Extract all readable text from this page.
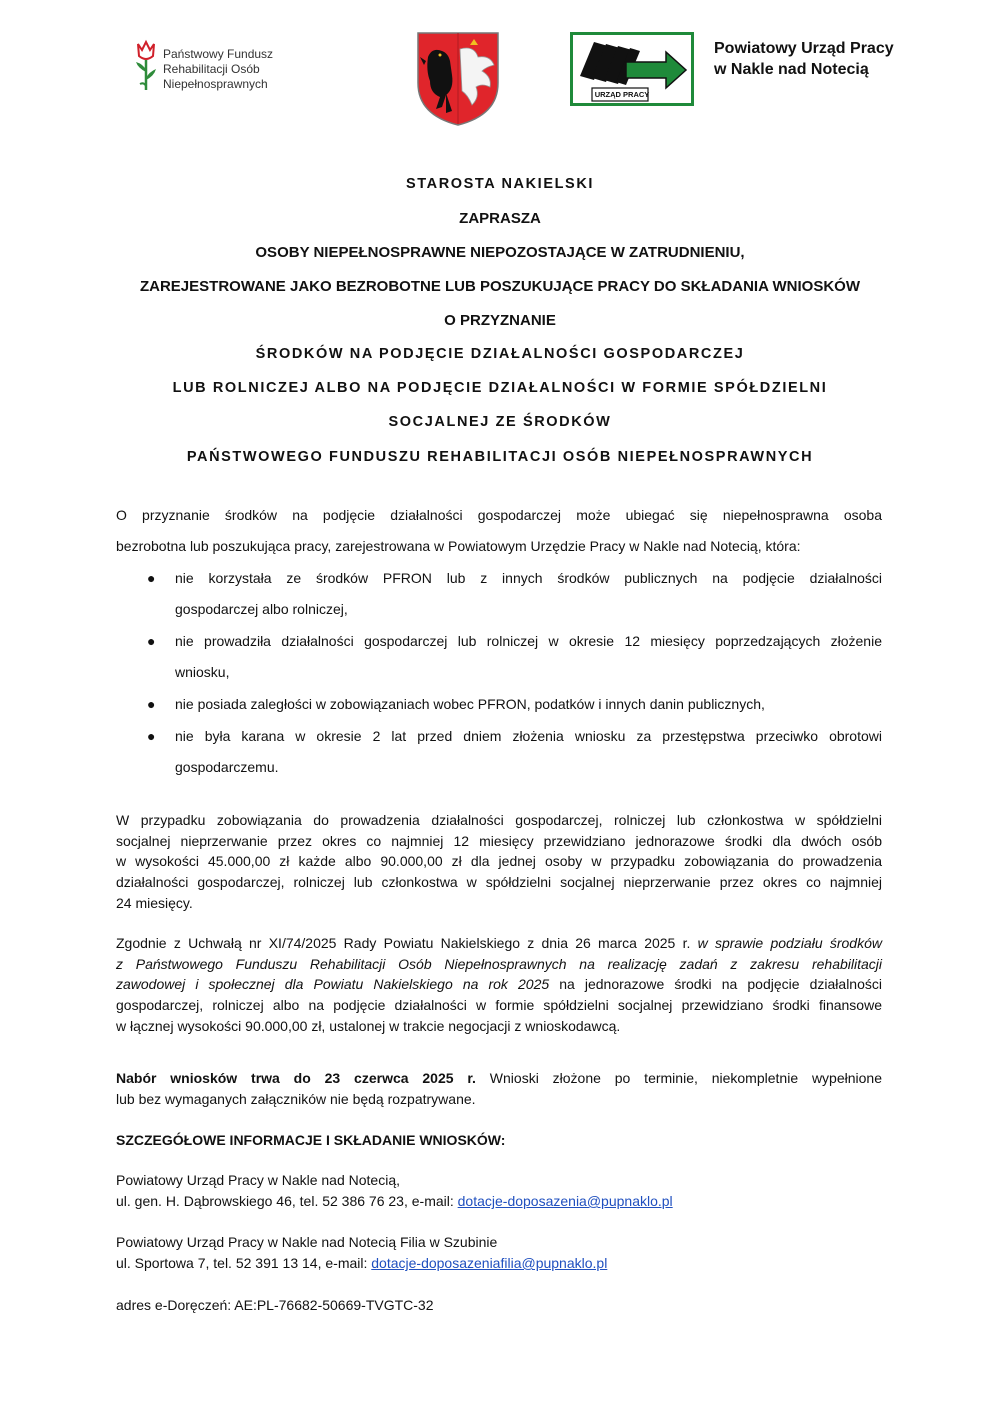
Państwowy Fundusz
Rehabilitacji Osób
Niepełnosprawnych
URZĄD PRACY
Powiatowy Urząd Pracy
w Nakle nad Notecią
STAROSTA NAKIELSKI
ZAPRASZA
OSOBY NIEPEŁNOSPRAWNE NIEPOZOSTAJĄCE W ZATRUDNIENIU,
ZAREJESTROWANE JAKO BEZROBOTNE LUB POSZUKUJĄCE PRACY DO SKŁADANIA WNIOSKÓW
O PRZYZNANIE
ŚRODKÓW NA PODJĘCIE DZIAŁALNOŚCI GOSPODARCZEJ
LUB ROLNICZEJ ALBO NA PODJĘCIE DZIAŁALNOŚCI W FORMIE SPÓŁDZIELNI
SOCJALNEJ ZE ŚRODKÓW
PAŃSTWOWEGO FUNDUSZU REHABILITACJI OSÓB NIEPEŁNOSPRAWNYCH
O przyznanie środków na podjęcie działalności gospodarczej może ubiegać się niepełnosprawna osoba
bezrobotna lub poszukująca pracy, zarejestrowana w Powiatowym Urzędzie Pracy w Nakle nad Notecią, która:
● nie korzystała ze środków PFRON lub z innych środków publicznych na podjęcie działalności
gospodarczej albo rolniczej,
● nie prowadziła działalności gospodarczej lub rolniczej w okresie 12 miesięcy poprzedzających złożenie
wniosku,
● nie posiada zaległości w zobowiązaniach wobec PFRON, podatków i innych danin publicznych,
● nie była karana w okresie 2 lat przed dniem złożenia wniosku za przestępstwa przeciwko obrotowi
gospodarczemu.
W przypadku zobowiązania do prowadzenia działalności gospodarczej, rolniczej lub członkostwa w spółdzielni
socjalnej nieprzerwanie przez okres co najmniej 12 miesięcy przewidziano jednorazowe środki dla dwóch osób
w wysokości 45.000,00 zł każde albo 90.000,00 zł dla jednej osoby w przypadku zobowiązania do prowadzenia
działalności gospodarczej, rolniczej lub członkostwa w spółdzielni socjalnej nieprzerwanie przez okres co najmniej
24 miesięcy.
Zgodnie z Uchwałą nr XI/74/2025 Rady Powiatu Nakielskiego z dnia 26 marca 2025 r. w sprawie podziału środków
z Państwowego Funduszu Rehabilitacji Osób Niepełnosprawnych na realizację zadań z zakresu rehabilitacji
zawodowej i społecznej dla Powiatu Nakielskiego na rok 2025 na jednorazowe środki na podjęcie działalności
gospodarczej, rolniczej albo na podjęcie działalności w formie spółdzielni socjalnej przewidziano środki finansowe
w łącznej wysokości 90.000,00 zł, ustalonej w trakcie negocjacji z wnioskodawcą.
Nabór wniosków trwa do 23 czerwca 2025 r. Wnioski złożone po terminie, niekompletnie wypełnione
lub bez wymaganych załączników nie będą rozpatrywane.
SZCZEGÓŁOWE INFORMACJE I SKŁADANIE WNIOSKÓW:
Powiatowy Urząd Pracy w Nakle nad Notecią,
ul. gen. H. Dąbrowskiego 46, tel. 52 386 76 23, e-mail: dotacje-doposazenia@pupnaklo.pl
Powiatowy Urząd Pracy w Nakle nad Notecią Filia w Szubinie
ul. Sportowa 7, tel. 52 391 13 14, e-mail: dotacje-doposazeniafilia@pupnaklo.pl
adres e-Doręczeń: AE:PL-76682-50669-TVGTC-32
